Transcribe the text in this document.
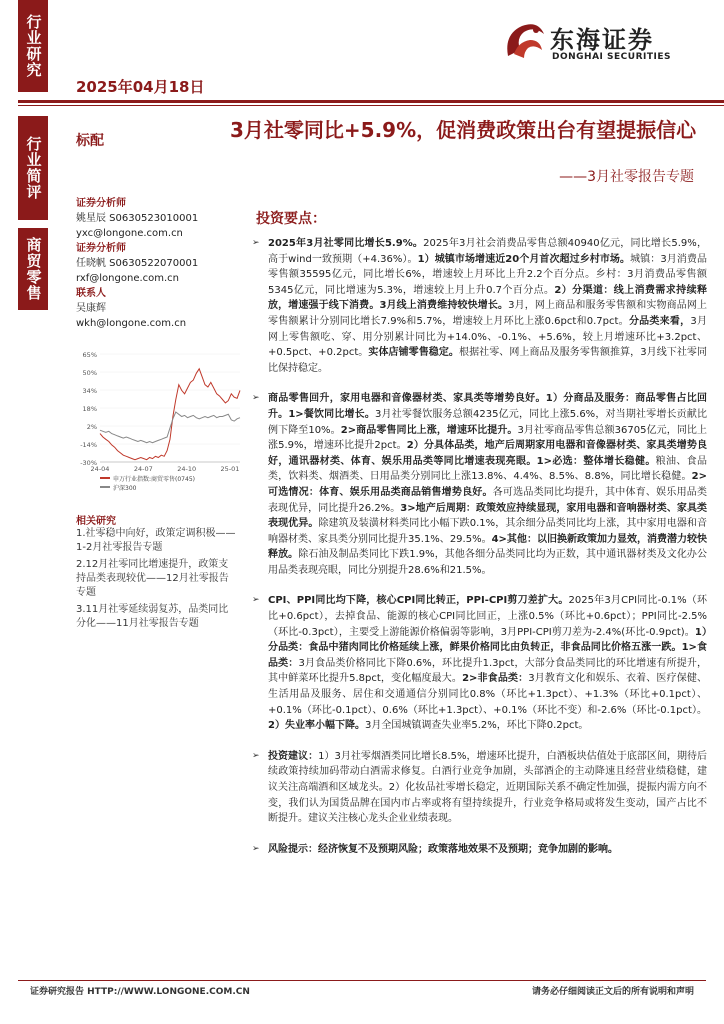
行业研究
行业简评
商贸零售
2025年04月18日
东海证券
DONGHAI SECURITIES
标配	3月社零同比+5.9%，促消费政策出台有望提振信心
——3月社零报告专题
证券分析师
姚星辰 S0630523010001
yxc@longone.com.cn
证券分析师
任晓帆 S0630522070001
rxf@longone.com.cn
联系人
吴康辉
wkh@longone.com.cn
65%
50%
34%
18%
2%
-14%
-30%
24-04	24-07	24-10	25-01
申万行业指数:商贸零售(0745)
沪深300
相关研究
1.社零稳中向好，政策定调积极——1-2月社零报告专题
2.12月社零同比增速提升，政策支持品类表现较优——12月社零报告专题
3.11月社零延续弱复苏，品类同比分化——11月社零报告专题
投资要点：

➢ 2025年3月社零同比增长5.9%。2025年3月社会消费品零售总额40940亿元，同比增长5.9%，高于wind一致预期（+4.36%）。1）城镇市场增速近20个月首次超过乡村市场。城镇：3月消费品零售额35595亿元，同比增长6%，增速较上月环比上升2.2个百分点。乡村：3月消费品零售额5345亿元，同比增速为5.3%，增速较上月上升0.7个百分点。2）分渠道：线上消费需求持续释放，增速强于线下消费。3月线上消费维持较快增长。3月，网上商品和服务零售额和实物商品网上零售额累计分别同比增长7.9%和5.7%，增速较上月环比上涨0.6pct和0.7pct。分品类来看，3月网上零售额吃、穿、用分别累计同比为+14.0%、-0.1%、+5.6%，较上月增速环比+3.2pct、+0.5pct、+0.2pct。实体店铺零售稳定。根据社零、网上商品及服务零售额推算，3月线下社零同比保持稳定。

➢ 商品零售回升，家用电器和音像器材类、家具类等增势良好。1）分商品及服务：商品零售占比回升。1>餐饮同比增长。3月社零餐饮服务总额4235亿元，同比上涨5.6%，对当期社零增长贡献比例下降至10%。2>商品零售同比上涨，增速环比提升。3月社零商品零售总额36705亿元，同比上涨5.9%，增速环比提升2pct。2）分具体品类，地产后周期家用电器和音像器材类、家具类增势良好，通讯器材类、体育、娱乐用品类等同比增速表现亮眼。1>必选：整体增长稳健。粮油、食品类，饮料类、烟酒类、日用品类分别同比上涨13.8%、4.4%、8.5%、8.8%，同比增长稳健。2>可选情况：体育、娱乐用品类商品销售增势良好。各可选品类同比均提升，其中体育、娱乐用品类表现优异，同比提升26.2%。3>地产后周期：政策效应持续显现，家用电器和音响器材类、家具类表现优异。除建筑及装潢材料类同比小幅下跌0.1%，其余细分品类同比均上涨，其中家用电器和音响器材类、家具类分别同比提升35.1%、29.5%。4>其他：以旧换新政策加力显效，消费潜力较快释放。除石油及制品类同比下跌1.9%，其他各细分品类同比均为正数，其中通讯器材类及文化办公用品类表现亮眼，同比分别提升28.6%和21.5%。

➢ CPI、PPI同比均下降，核心CPI同比转正，PPI-CPI剪刀差扩大。2025年3月CPI同比-0.1%（环比+0.6pct），去掉食品、能源的核心CPI同比回正，上涨0.5%（环比+0.6pct）；PPI同比-2.5%（环比-0.3pct），主要受上游能源价格偏弱等影响，3月PPI-CPI剪刀差为-2.4%(环比-0.9pct)。1）分品类：食品中猪肉同比价格延续上涨，鲜果价格同比由负转正，非食品同比价格五涨一跌。1>食品类：3月食品类价格同比下降0.6%，环比提升1.3pct，大部分食品类同比的环比增速有所提升，其中鲜菜环比提升5.8pct，变化幅度最大。2>非食品类：3月教育文化和娱乐、衣着、医疗保健、生活用品及服务、居住和交通通信分别同比0.8%（环比+1.3pct）、+1.3%（环比+0.1pct）、+0.1%（环比-0.1pct）、0.6%（环比+1.3pct）、+0.1%（环比不变）和-2.6%（环比-0.1pct）。2）失业率小幅下降。3月全国城镇调查失业率5.2%，环比下降0.2pct。

➢ 投资建议：1）3月社零烟酒类同比增长8.5%，增速环比提升，白酒板块估值处于底部区间，期待后续政策持续加码带动白酒需求修复。白酒行业竞争加剧，头部酒企的主动降速且经营业绩稳健，建议关注高端酒和区域龙头。2）化妆品社零增长稳定，近期国际关系不确定性加强，提振内需方向不变，我们认为国货品牌在国内市占率或将有望持续提升，行业竞争格局或将发生变动，国产占比不断提升。建议关注核心龙头企业业绩表现。

➢ 风险提示：经济恢复不及预期风险；政策落地效果不及预期；竞争加剧的影响。

证券研究报告 HTTP://WWW.LONGONE.COM.CN	请务必仔细阅读正文后的所有说明和声明
